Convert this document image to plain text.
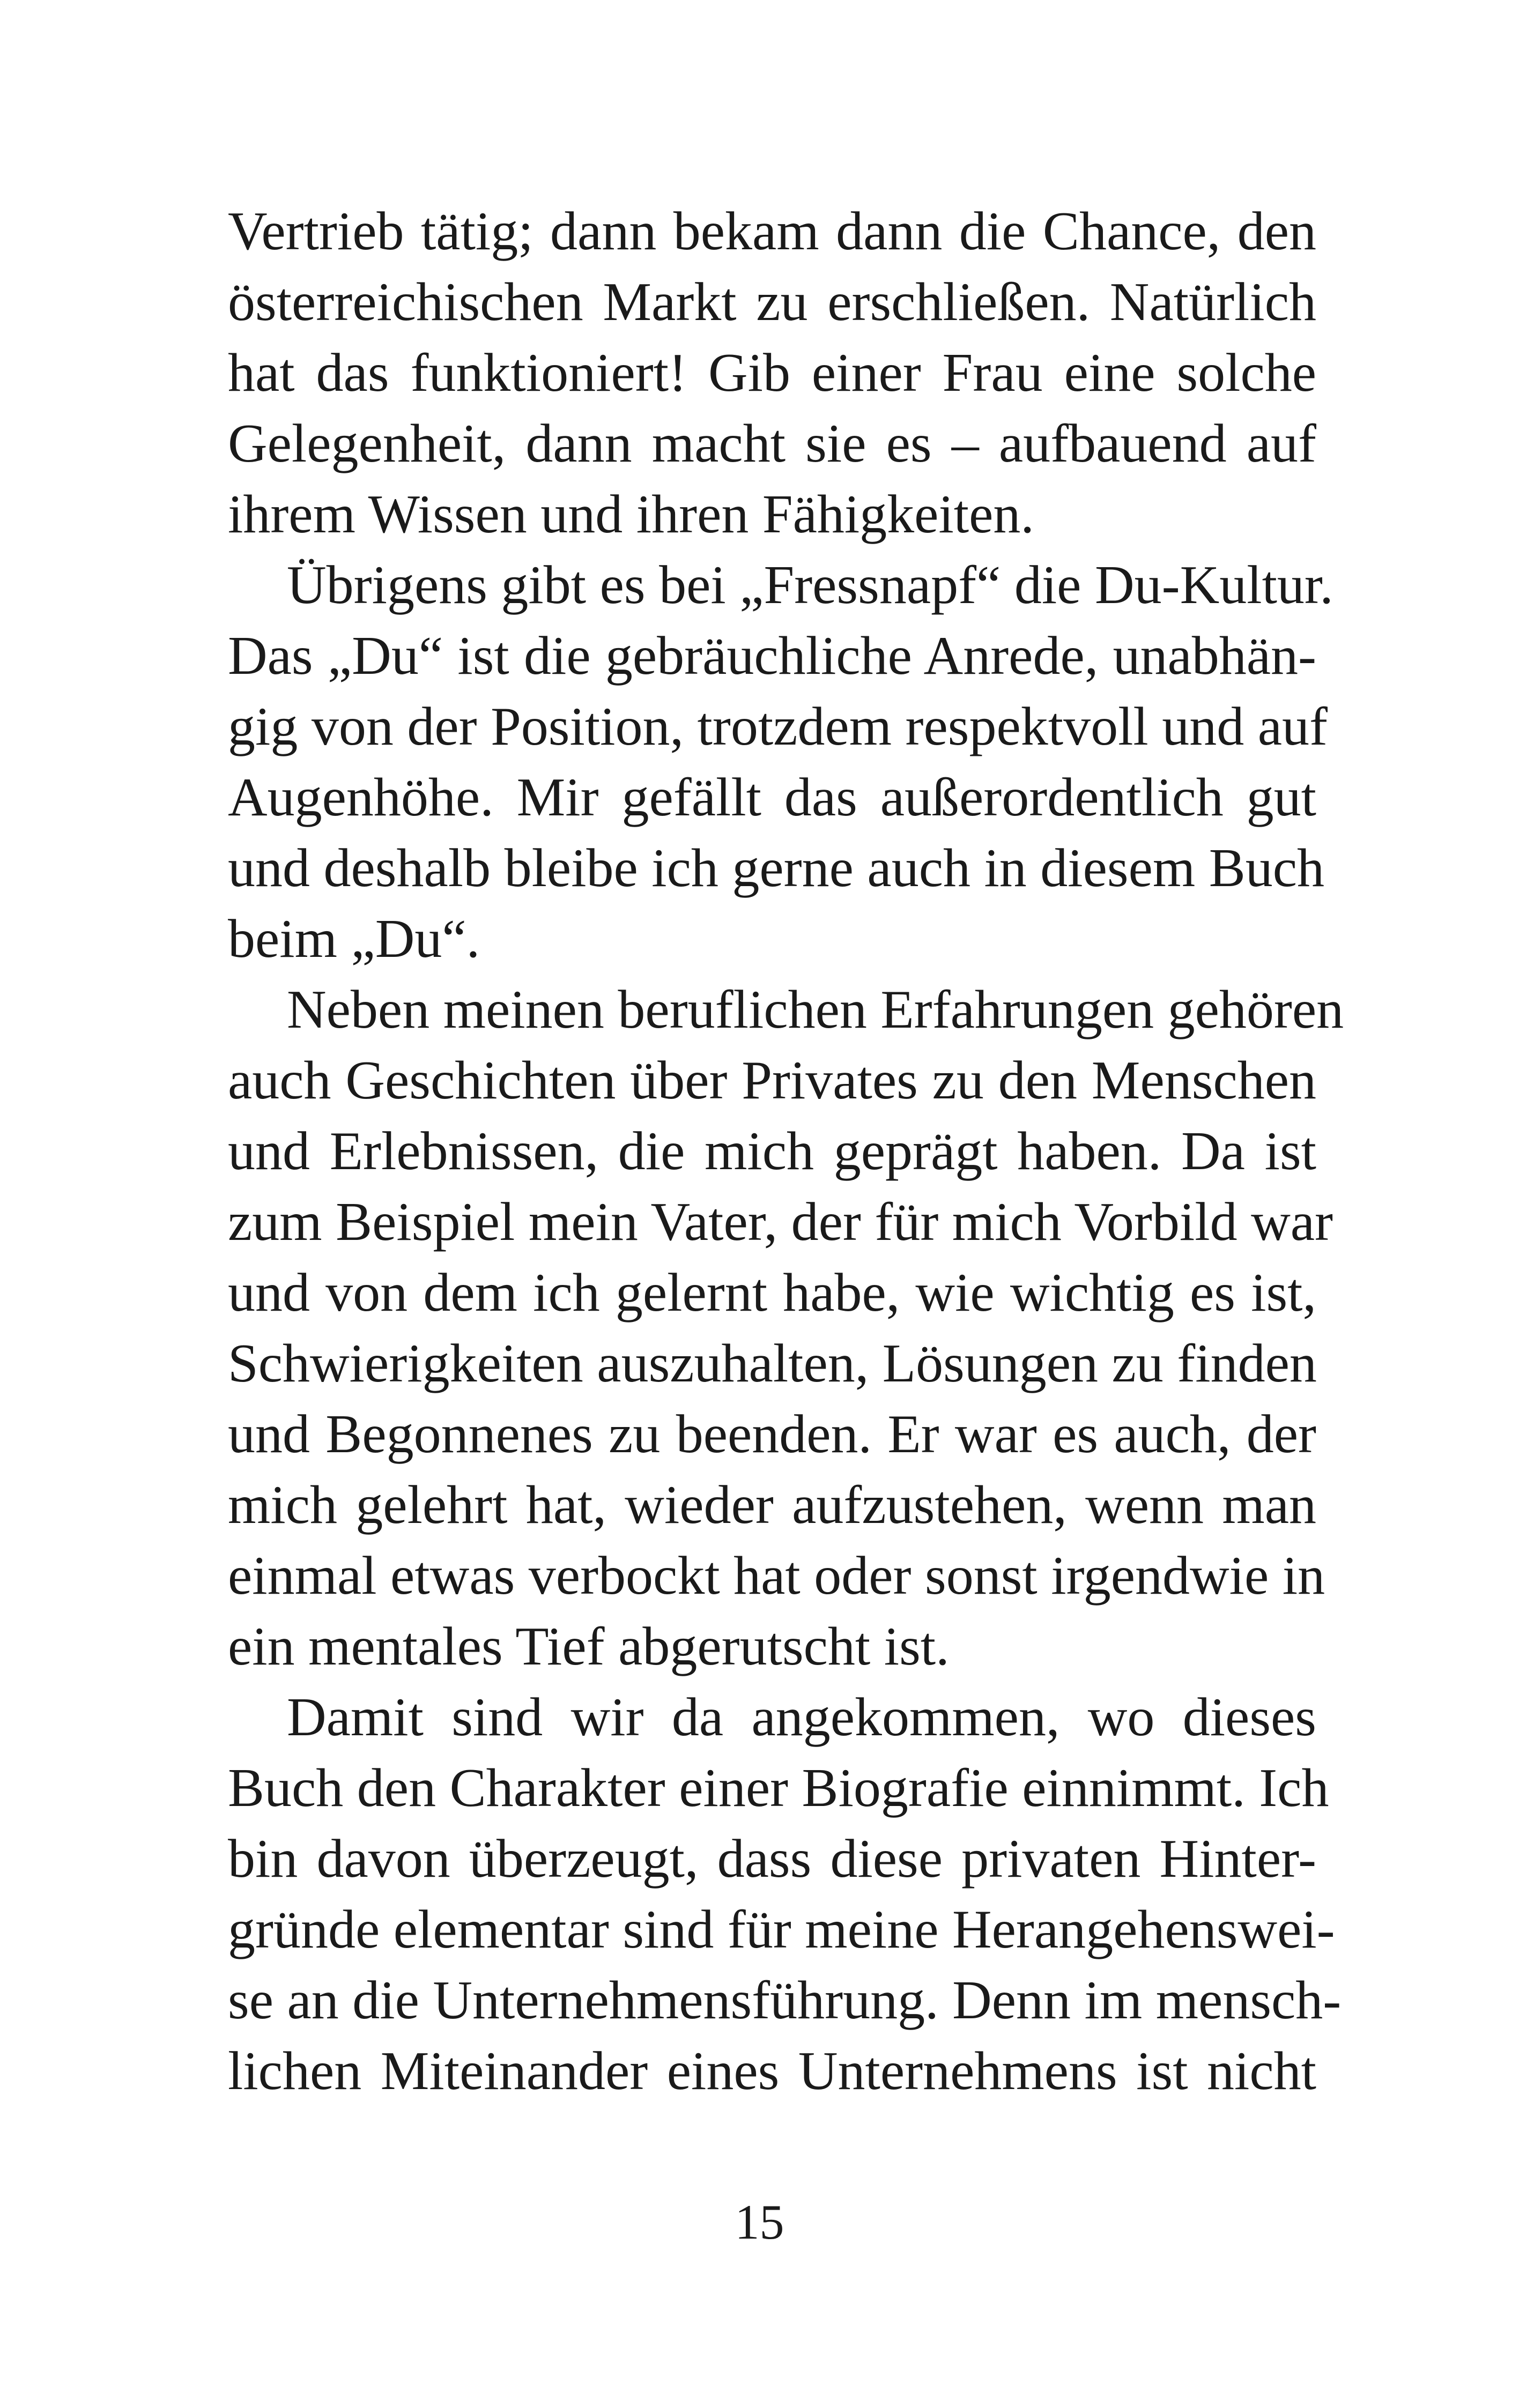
Vertrieb tätig; dann bekam dann die Chance, den
österreichischen Markt zu erschließen. Natürlich
hat das funktioniert! Gib einer Frau eine solche
Gelegenheit, dann macht sie es – aufbauend auf
ihrem Wissen und ihren Fähigkeiten.
Übrigens gibt es bei „Fressnapf“ die Du-Kultur.
Das „Du“ ist die gebräuchliche Anrede, unabhän-
gig von der Position, trotzdem respektvoll und auf
Augenhöhe. Mir gefällt das außerordentlich gut
und deshalb bleibe ich gerne auch in diesem Buch
beim „Du“.
Neben meinen beruflichen Erfahrungen gehören
auch Geschichten über Privates zu den Menschen
und Erlebnissen, die mich geprägt haben. Da ist
zum Beispiel mein Vater, der für mich Vorbild war
und von dem ich gelernt habe, wie wichtig es ist,
Schwierigkeiten auszuhalten, Lösungen zu finden
und Begonnenes zu beenden. Er war es auch, der
mich gelehrt hat, wieder aufzustehen, wenn man
einmal etwas verbockt hat oder sonst irgendwie in
ein mentales Tief abgerutscht ist.
Damit sind wir da angekommen, wo dieses
Buch den Charakter einer Biografie einnimmt. Ich
bin davon überzeugt, dass diese privaten Hinter-
gründe elementar sind für meine Herangehenswei-
se an die Unternehmensführung. Denn im mensch-
lichen Miteinander eines Unternehmens ist nicht
15
